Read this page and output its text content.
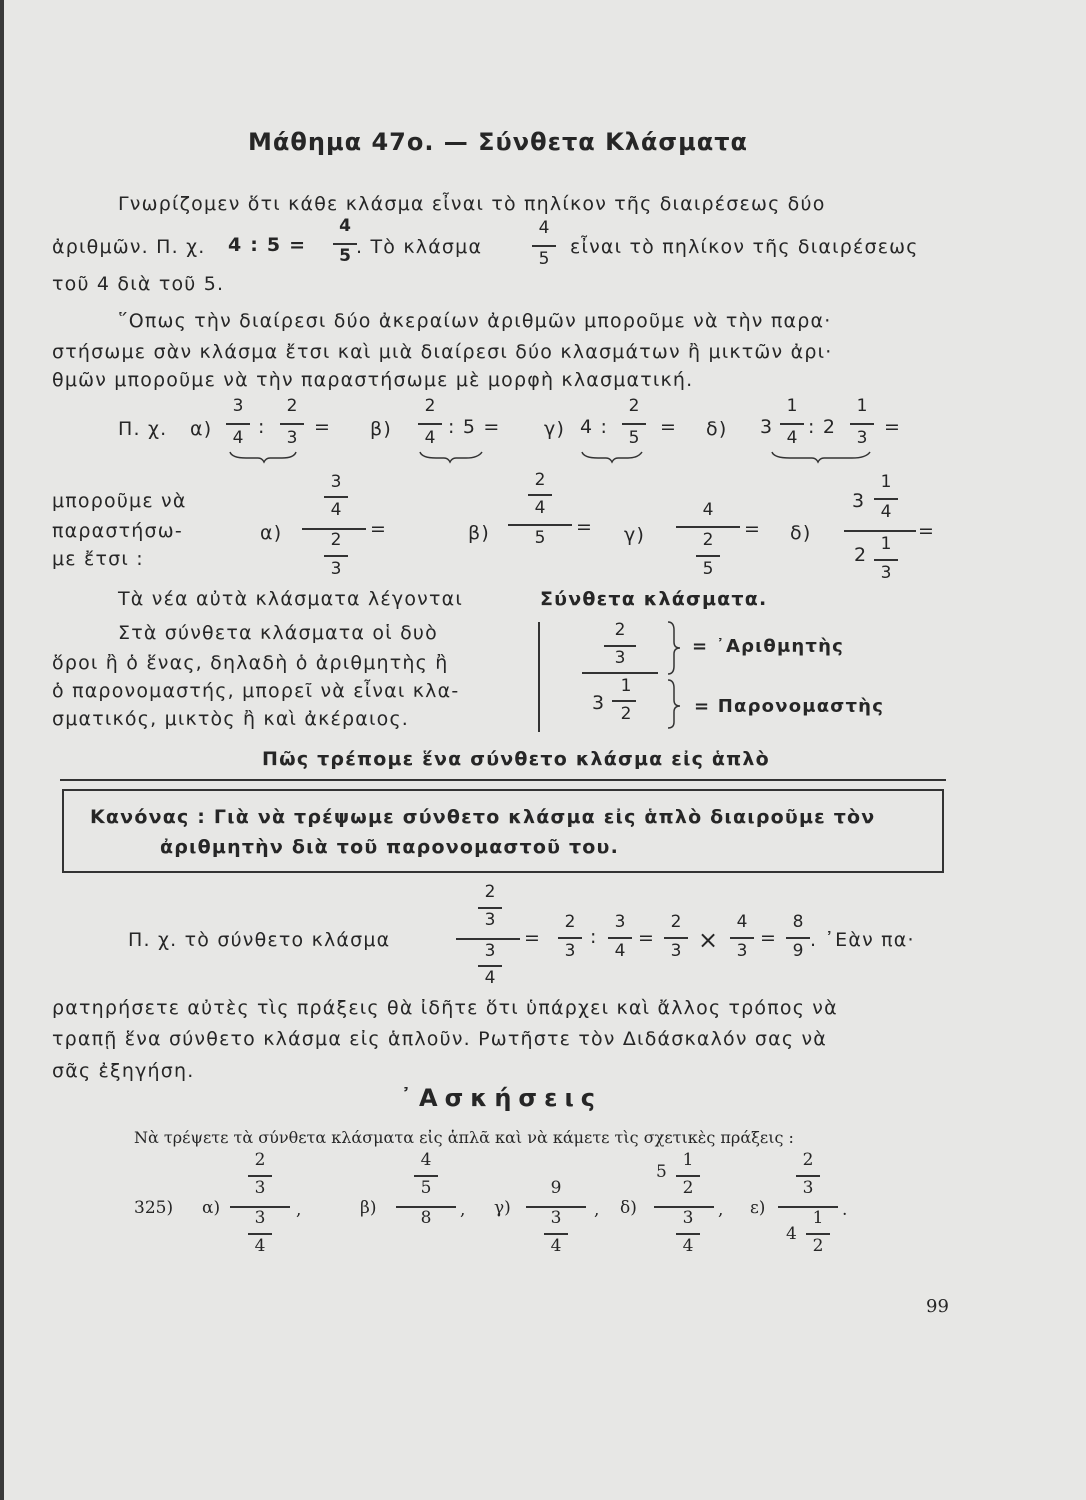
Μάθημα 47ο. — Σύνθετα Κλάσματα
Γνωρίζομεν ὅτι κάθε κλάσμα εἶναι τὸ πηλίκον τῆς διαιρέσεως δύο
ἀριθμῶν. Π. χ. 4 : 5 =
4
5 . Τὸ κλάσμα
4
5
εἶναι τὸ πηλίκον τῆς διαιρέσεως
τοῦ 4 διὰ τοῦ 5.
῞Οπως τὴν διαίρεσι δύο ἀκεραίων ἀριθμῶν μποροῦμε νὰ τὴν παρα·
στήσωμε σὰν κλάσμα ἔτσι καὶ μιὰ διαίρεσι δύο κλασμάτων ἢ μικτῶν ἀρι·
θμῶν μποροῦμε νὰ τὴν παραστήσωμε μὲ μορφὴ κλασματική.
Π. χ. α)
3
4 :
2
3 = β)
2
4 : 5 = γ) 4 :
2
5	= δ) 3
1
4 : 2
1
3 =
μποροῦμε νὰ
παραστήσω-
με ἔτσι :
α)
3
4
2
3
=	β)
2
4
5	= γ)
4
2
5
= δ)
3
1
4
2 1
3
=
Τὰ νέα αὐτὰ κλάσματα λέγονται	Σύνθετα κλάσματα.
Στὰ σύνθετα κλάσματα οἱ δυὸ
ὅροι ἢ ὁ ἕνας, δηλαδὴ ὁ ἀριθμητὴς ἢ
ὁ παρονομαστής, μπορεῖ νὰ εἶναι κλα-
σματικός, μικτὸς ἢ καὶ ἀκέραιος.
2
3
3
1
2
= ᾿Αριθμητὴς
= Παρονομαστὴς
Πῶς τρέπομε ἕνα σύνθετο κλάσμα εἰς ἁπλὸ
Κανόνας : Γιὰ νὰ τρέψωμε σύνθετο κλάσμα εἰς ἁπλὸ διαιροῦμε τὸν
ἀριθμητὴν διὰ τοῦ παρονομαστοῦ του.
Π. χ. τὸ σύνθετο κλάσμα
2
3
3
4
=
2
3
:
3
4
=
2
3 ×
4
3
=
8
9 . ᾿Εὰν πα·
ρατηρήσετε αὐτὲς τὶς πράξεις θὰ ἰδῆτε ὅτι ὑπάρχει καὶ ἄλλος τρόπος νὰ
τραπῇ ἕνα σύνθετο κλάσμα εἰς ἁπλοῦν. Ρωτῆστε τὸν Διδάσκαλόν σας νὰ
σᾶς ἐξηγήση.
᾿Ασκήσεις
Νὰ τρέψετε τὰ σύνθετα κλάσματα εἰς ἁπλᾶ καὶ νὰ κάμετε τὶς σχετικὲς πράξεις :
325) α)
2
3
3
4
,	β)
4
5
8	, γ)
9
3
4
, δ)
5
1
2
3
4
, ε)
2
3
4
1
2
.
99
